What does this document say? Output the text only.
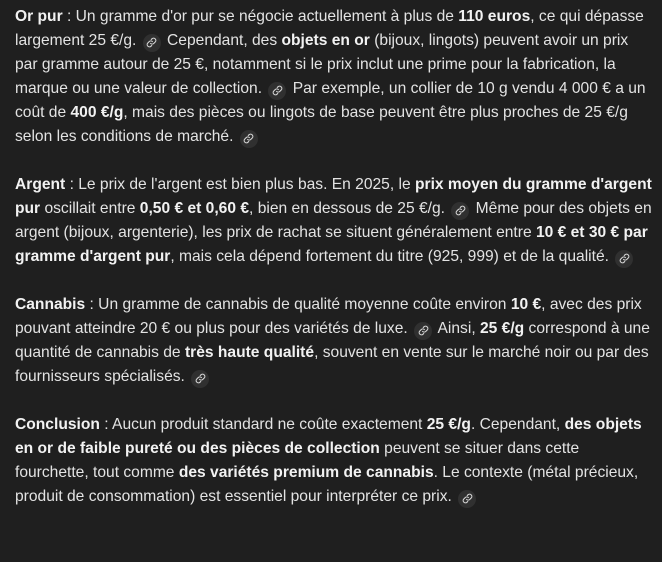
Or pur : Un gramme d'or pur se négocie actuellement à plus de 110 euros, ce qui dépasse largement 25 €/g.
Cependant, des objets en or (bijoux, lingots) peuvent avoir un prix par gramme autour de 25 €, notamment si le prix inclut une prime pour la fabrication, la marque ou une valeur de collection.
Par exemple, un collier de 10 g vendu 4 000 € a un coût de 400 €/g, mais des pièces ou lingots de base peuvent être plus proches de 25 €/g selon les conditions de marché.

Argent : Le prix de l'argent est bien plus bas. En 2025, le prix moyen du gramme d'argent pur oscillait entre 0,50 € et 0,60 €, bien en dessous de 25 €/g.
Même pour des objets en argent (bijoux, argenterie), les prix de rachat se situent généralement entre 10 € et 30 € par gramme d'argent pur, mais cela dépend fortement du titre (925, 999) et de la qualité.

Cannabis : Un gramme de cannabis de qualité moyenne coûte environ 10 €, avec des prix pouvant atteindre 20 € ou plus pour des variétés de luxe.
Ainsi, 25 €/g correspond à une quantité de cannabis de très haute qualité, souvent en vente sur le marché noir ou par des fournisseurs spécialisés.

Conclusion : Aucun produit standard ne coûte exactement 25 €/g. Cependant, des objets en or de faible pureté ou des pièces de collection peuvent se situer dans cette fourchette, tout comme des variétés premium de cannabis. Le contexte (métal précieux, produit de consommation) est essentiel pour interpréter ce prix.
